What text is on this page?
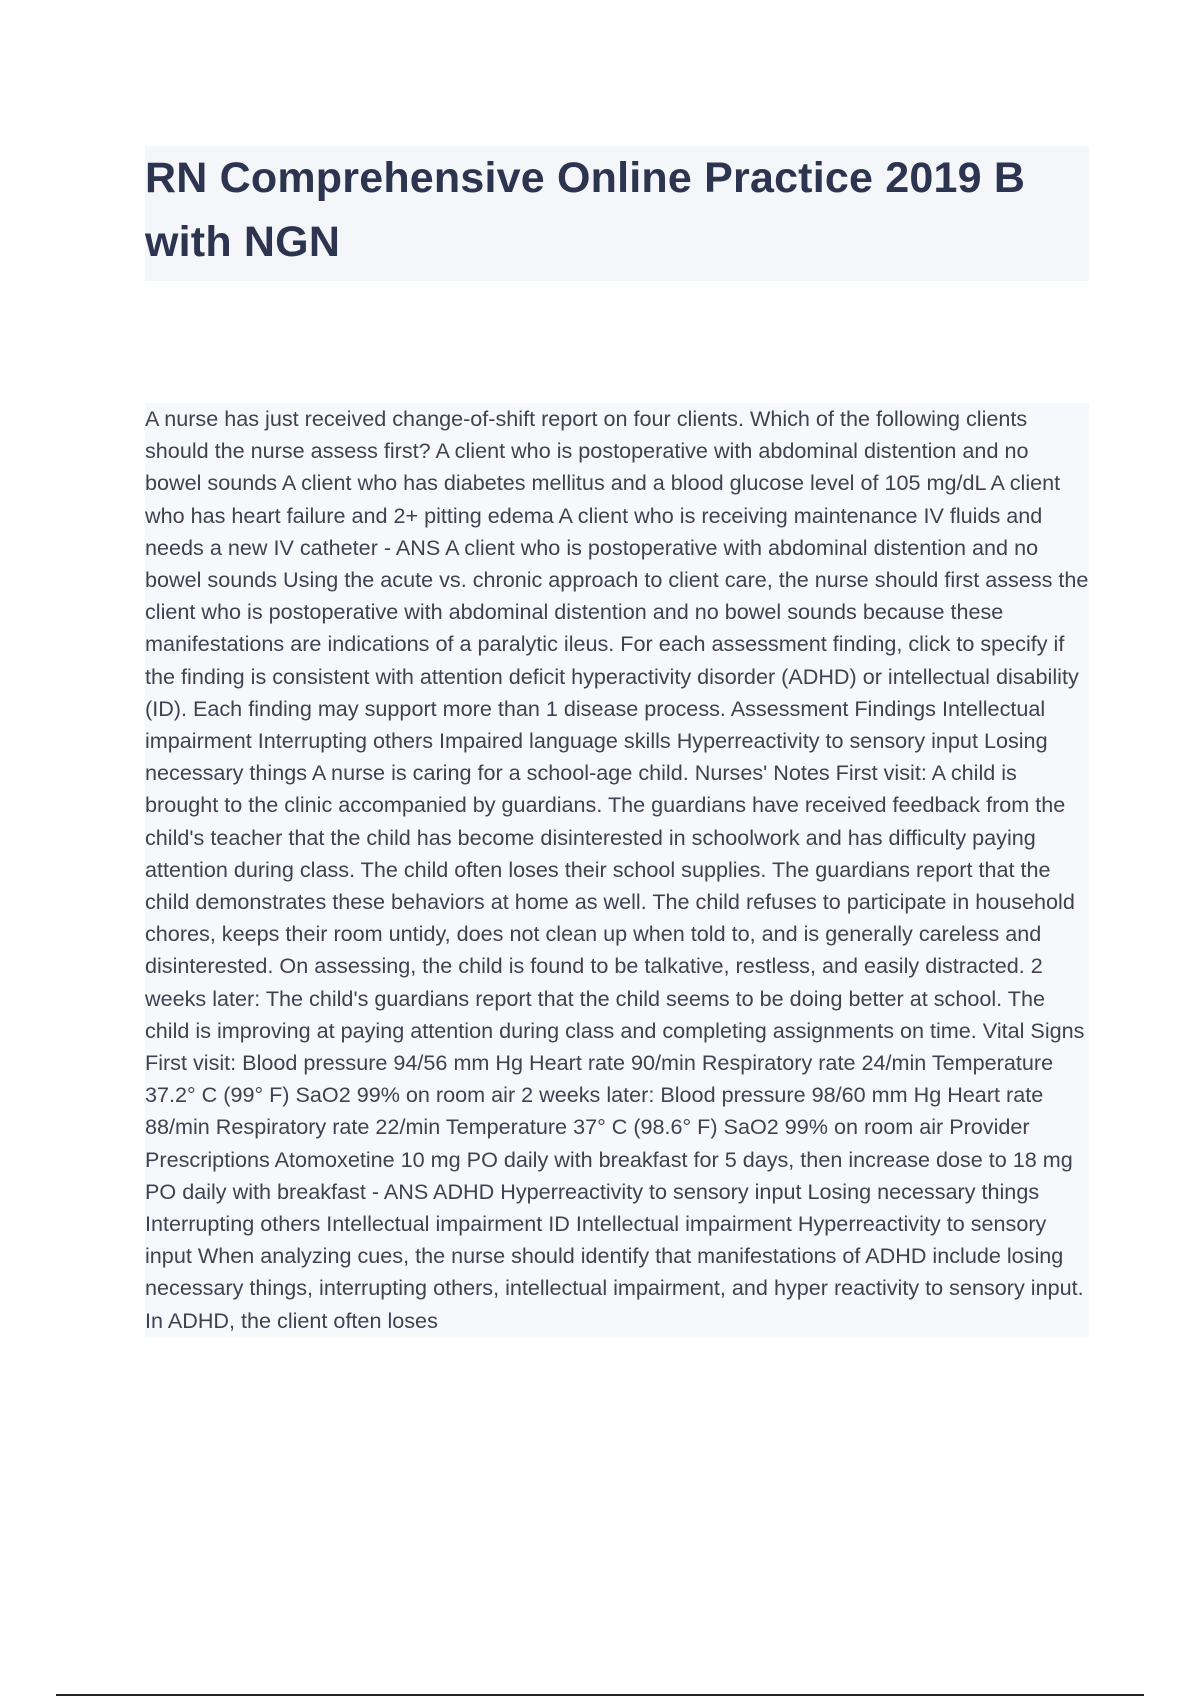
RN Comprehensive Online Practice 2019 B with NGN

A nurse has just received change-of-shift report on four clients. Which of the following clients should the nurse assess first? A client who is postoperative with abdominal distention and no bowel sounds A client who has diabetes mellitus and a blood glucose level of 105 mg/dL A client who has heart failure and 2+ pitting edema A client who is receiving maintenance IV fluids and needs a new IV catheter - ANS A client who is postoperative with abdominal distention and no bowel sounds Using the acute vs. chronic approach to client care, the nurse should first assess the client who is postoperative with abdominal distention and no bowel sounds because these manifestations are indications of a paralytic ileus. For each assessment finding, click to specify if the finding is consistent with attention deficit hyperactivity disorder (ADHD) or intellectual disability (ID). Each finding may support more than 1 disease process. Assessment Findings Intellectual impairment Interrupting others Impaired language skills Hyperreactivity to sensory input Losing necessary things A nurse is caring for a school-age child. Nurses' Notes First visit: A child is brought to the clinic accompanied by guardians. The guardians have received feedback from the child's teacher that the child has become disinterested in schoolwork and has difficulty paying attention during class. The child often loses their school supplies. The guardians report that the child demonstrates these behaviors at home as well. The child refuses to participate in household chores, keeps their room untidy, does not clean up when told to, and is generally careless and disinterested. On assessing, the child is found to be talkative, restless, and easily distracted. 2 weeks later: The child's guardians report that the child seems to be doing better at school. The child is improving at paying attention during class and completing assignments on time. Vital Signs First visit: Blood pressure 94/56 mm Hg Heart rate 90/min Respiratory rate 24/min Temperature 37.2° C (99° F) SaO2 99% on room air 2 weeks later: Blood pressure 98/60 mm Hg Heart rate 88/min Respiratory rate 22/min Temperature 37° C (98.6° F) SaO2 99% on room air Provider Prescriptions Atomoxetine 10 mg PO daily with breakfast for 5 days, then increase dose to 18 mg PO daily with breakfast - ANS ADHD Hyperreactivity to sensory input Losing necessary things Interrupting others Intellectual impairment ID Intellectual impairment Hyperreactivity to sensory input When analyzing cues, the nurse should identify that manifestations of ADHD include losing necessary things, interrupting others, intellectual impairment, and hyper reactivity to sensory input. In ADHD, the client often loses
